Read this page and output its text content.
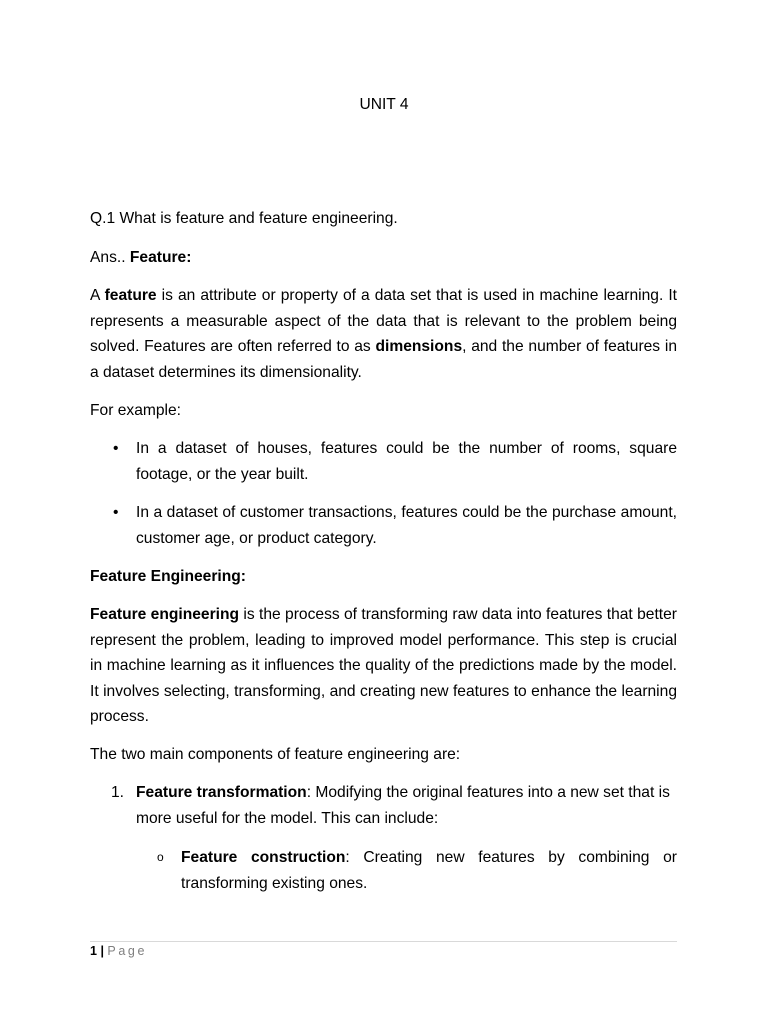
UNIT 4

Q.1 What is feature and feature engineering.

Ans.. Feature:

A feature is an attribute or property of a data set that is used in machine learning. It represents a measurable aspect of the data that is relevant to the problem being solved. Features are often referred to as dimensions, and the number of features in a dataset determines its dimensionality.

For example:

• In a dataset of houses, features could be the number of rooms, square footage, or the year built.

• In a dataset of customer transactions, features could be the purchase amount, customer age, or product category.

Feature Engineering:

Feature engineering is the process of transforming raw data into features that better represent the problem, leading to improved model performance. This step is crucial in machine learning as it influences the quality of the predictions made by the model. It involves selecting, transforming, and creating new features to enhance the learning process.

The two main components of feature engineering are:

1. Feature transformation: Modifying the original features into a new set that is more useful for the model. This can include:

o	Feature construction: Creating new features by combining or transforming existing ones.

1 | Page
